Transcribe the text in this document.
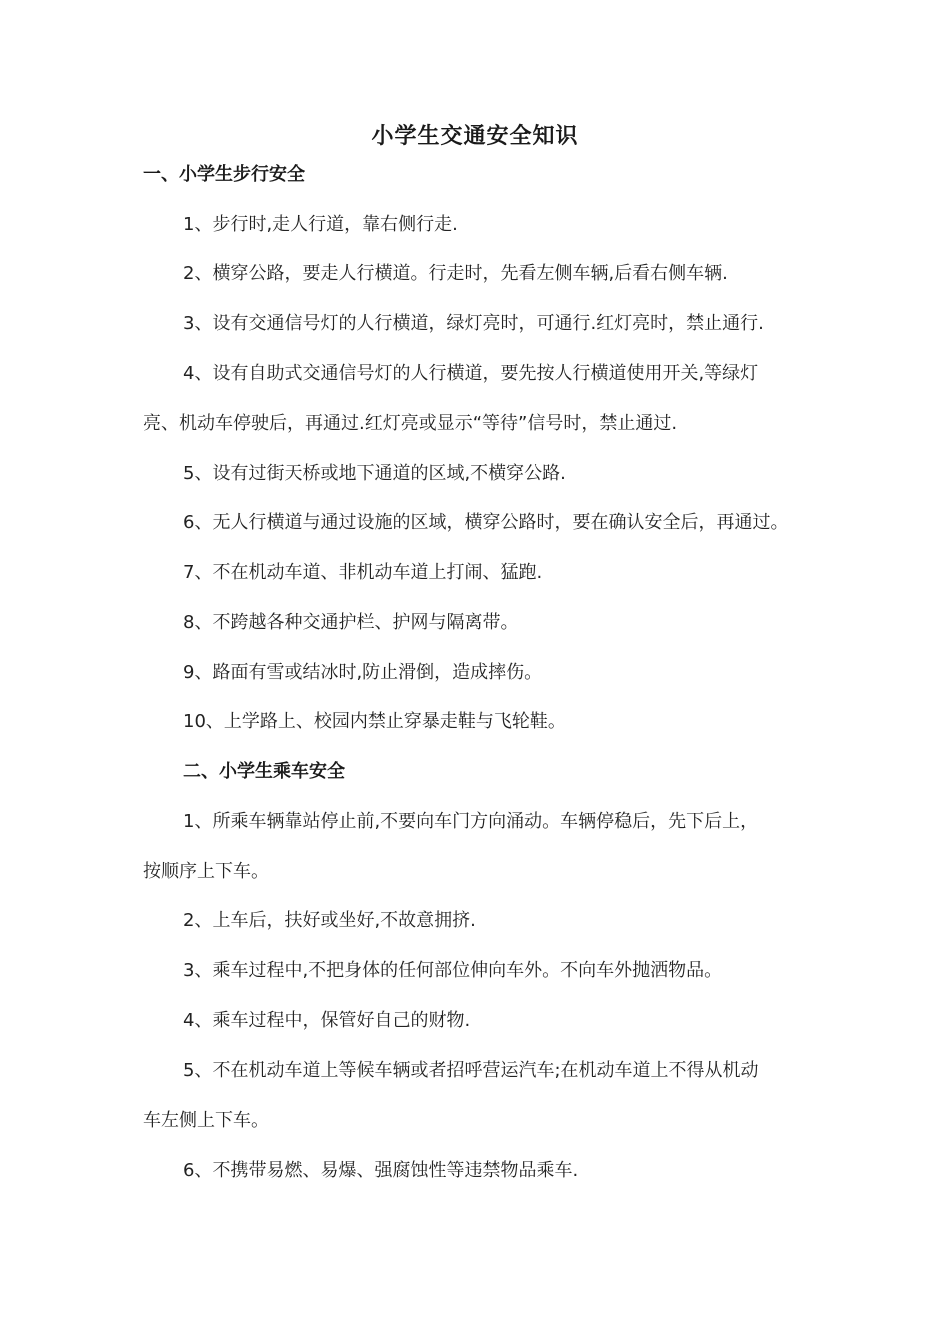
小学生交通安全知识
一、小学生步行安全
1、步行时,走人行道，靠右侧行走.
2、横穿公路，要走人行横道。行走时，先看左侧车辆,后看右侧车辆.
3、设有交通信号灯的人行横道，绿灯亮时，可通行.红灯亮时，禁止通行.
4、设有自助式交通信号灯的人行横道，要先按人行横道使用开关,等绿灯
亮、机动车停驶后，再通过.红灯亮或显示“等待”信号时，禁止通过.
5、设有过街天桥或地下通道的区域,不横穿公路.
6、无人行横道与通过设施的区域，横穿公路时，要在确认安全后，再通过。
7、不在机动车道、非机动车道上打闹、猛跑.
8、不跨越各种交通护栏、护网与隔离带。
9、路面有雪或结冰时,防止滑倒，造成摔伤。
10、上学路上、校园内禁止穿暴走鞋与飞轮鞋。
二、小学生乘车安全
1、所乘车辆靠站停止前,不要向车门方向涌动。车辆停稳后，先下后上，
按顺序上下车。
2、上车后，扶好或坐好,不故意拥挤.
3、乘车过程中,不把身体的任何部位伸向车外。不向车外抛洒物品。
4、乘车过程中，保管好自己的财物.
5、不在机动车道上等候车辆或者招呼营运汽车;在机动车道上不得从机动
车左侧上下车。
6、不携带易燃、易爆、强腐蚀性等违禁物品乘车.
